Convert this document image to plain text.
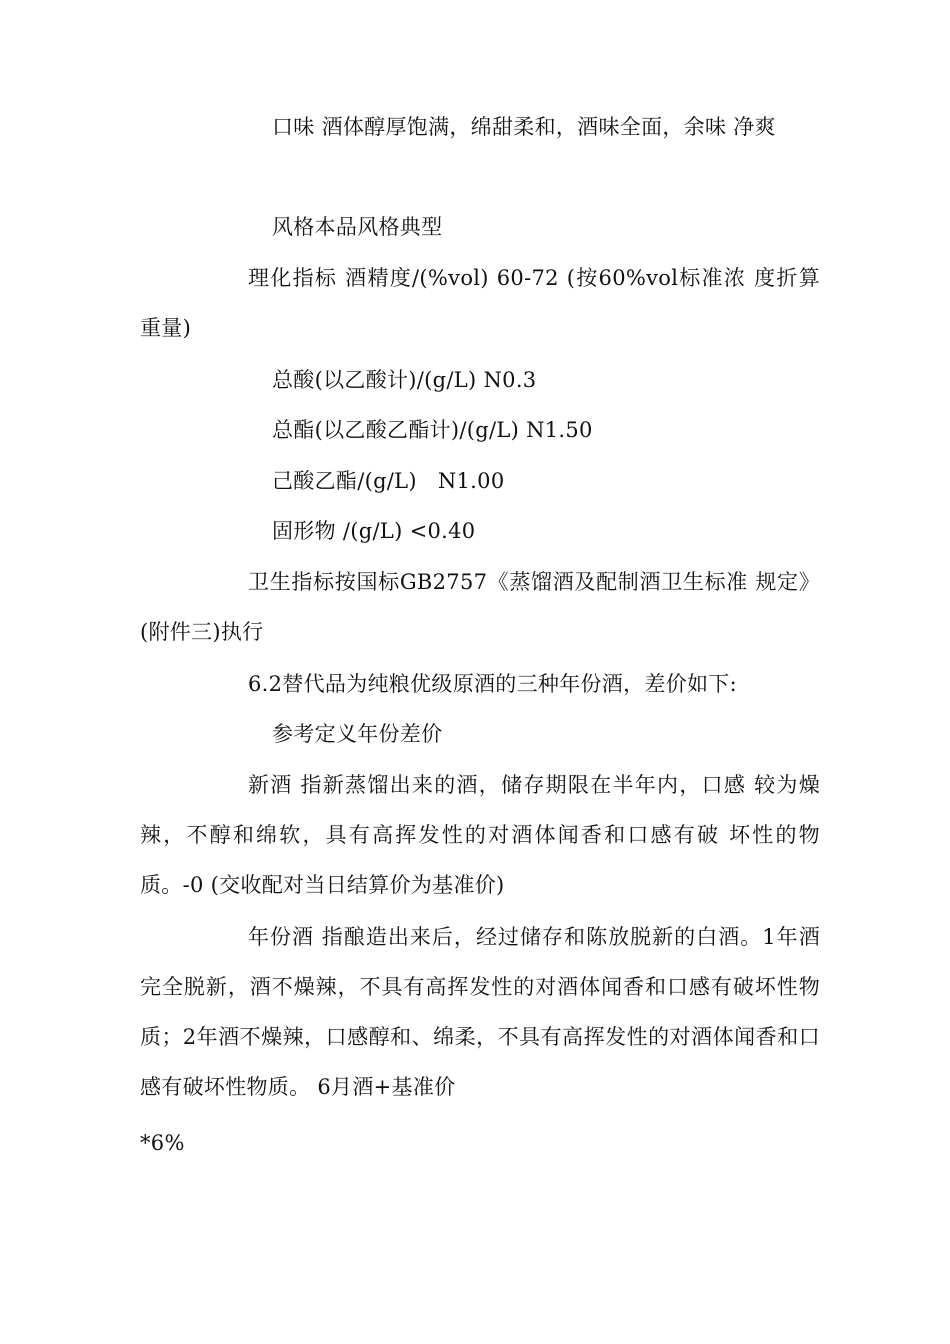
口味 酒体醇厚饱满，绵甜柔和，酒味全面，余味 净爽

风格本品风格典型

理化指标 酒精度/(%vol) 60-72 (按60%vol标准浓 度折算重量)

总酸(以乙酸计)/(g/L) N0.3

总酯(以乙酸乙酯计)/(g/L) N1.50

己酸乙酯/(g/L)   N1.00

固形物 /(g/L) <0.40

卫生指标按国标GB2757《蒸馏酒及配制酒卫生标准 规定》(附件三)执行

6.2替代品为纯粮优级原酒的三种年份酒，差价如下:

参考定义年份差价

新酒 指新蒸馏出来的酒，储存期限在半年内，口感 较为燥辣，不醇和绵软，具有高挥发性的对酒体闻香和口感有破 坏性的物质。-0 (交收配对当日结算价为基准价)

年份酒 指酿造出来后，经过储存和陈放脱新的白酒。1年酒完全脱新，酒不燥辣，不具有高挥发性的对酒体闻香和口感有破坏性物质；2年酒不燥辣，口感醇和、绵柔，不具有高挥发性的对酒体闻香和口感有破坏性物质。 6月酒+基准价

*6%
